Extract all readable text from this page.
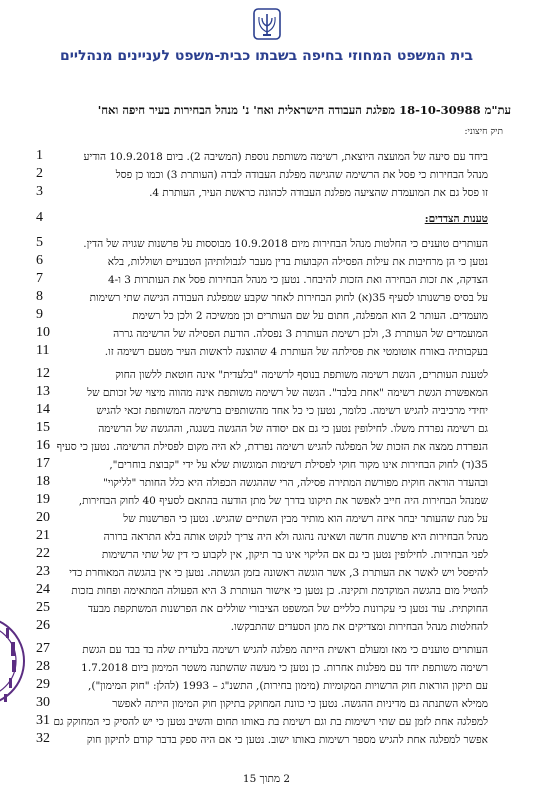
בית המשפט המחוזי בחיפה בשבתו כבית-משפט לעניינים מנהליים
עת"מ 18-10-30988 מפלגת העבודה הישראלית ואח' נ' מנהל הבחירות בעיר חיפה ואח'
תיק חיצוני:
1	ביחד עם סיעה של המועצה היוצאת, רשימה משותפת נוספת (המשיבה 2). ביום 10.9.2018 הודיע
2	מנהל הבחירות כי פסל את הרשימה שהגישה מפלגת העבודה לבדה (העותרת 3) וכמו כן פסל
3	זו פסל גם את המועמדת שהציעה מפלגת העבודה לכהונה כראשת העיר, העותרת 4.
4	טענות הצדדים:
5	העותרים טוענים כי החלטות מנהל הבחירות מיום 10.9.2018 מבוססות על פרשנות שגויה של הדין.
6	נטען כי הן מרחיבות את עילות הפסילה הקבועות בדין מעבר לגבולותיהן הטבעיים ושוללות, בלא
7	הצדקה, את זכות הבחירה ואת הזכות להיבחר. נטען כי מנהל הבחירות פסל את העותרות 3 ו-4
8	על בסיס פרשנותו לסעיף 35(א) לחוק הבחירות לאחר שקבע שמפלגת העבודה הגישה שתי רשימות
9	מועמדים. העותר 2 הוא המפלגה, חתום על שם העותרים וכן ממשיכה 2 ולכן כל רשימת
10	המועמדים של העותרת 3, ולכן רשימת העותרת 3 נפסלה. הודעת הפסילה של הרשימה גררה
11	בעקבותיה באורח אוטומטי את פסילתה של העותרת 4 שהוצגה לראשות העיר מטעם רשימה זו.
12	לטענת העותרים, הגשת רשימה משותפת בנוסף לרשימה "בלעדית" אינה חוטאת ללשון החוק
13	המאפשרת הגשת רשימה "אחת בלבד". הגשה של רשימה משותפת אינה מהווה מיצוי של זכותם של
14	יחידי מרכיביה להגיש רשימה. כלומר, נטען כי כל אחד מהשותפים ברשימה המשותפת זכאי להגיש
15	גם רשימה נפרדת משלו. לחילופין נטען כי גם אם יסודה של ההגשה בשגגה, וההגשה של הרשימה
16 הנפרדת ממצה את הזכות של המפלגה להגיש רשימה נפרדת, לא היה מקום לפסילת הרשימה. נטען כי סעיף
17	35(ד) לחוק הבחירות אינו מקור חוקי לפסילת רשימות המוגשות שלא על ידי "קבוצת בוחרים",
18	ובהעדר הוראה חוקית מפורשת המתירה פסילה, הרי שההגשה הכפולה היא כלל החותר "לליקוי"
19	שמנהל הבחירות היה חייב לאפשר את תיקונו בדרך של מתן הודעה בהתאם לסעיף 40 לחוק הבחירות,
20	על מנת שהעותר יבחר איזה רשימה הוא מותיר מבין השתיים שהגיש. נטען כי הפרשנות של
21	מנהל הבחירות היא פרשנות חדשה ושאינה נהוגה ולא היה צריך לנקוט אותה בלא התראה ברורה
22	לפני הבחירות. לחילופין נטען כי גם אם הליקוי אינו בר תיקון, אין לקבוע כי דין של שתי הרשימות
23	להיפסל ויש לאשר את העותרת 3, אשר הוגשה ראשונה בזמן הגשתה. נטען כי אין בהגשה המאוחרת כדי
24	להטיל מום בהגשה המוקדמת ותקינה. כן נטען כי אישור העותרת 3 היא הפעולה המתאימה ופחות בזכות
25	החוקתית. עוד נטען כי עקרונות כלליים של המשפט הציבורי שוללים את הפרשנות המשתקפת מבעד
26	להחלטות מנהל הבחירות ומצדיקים את מתן הסעדים שהתבקשו.
27	העותרים טוענים כי מאז ומעולם ראשית הייתה מפלגה להגיש רשימה בלעדית שלה בד בבד עם הגשת
28	רשימה משותפת יחד עם מפלגות אחרות. כן נטען כי מעשה שהשתנה משטר המימון ביום 1.7.2018
29	עם תיקון הוראות חוק הרשויות המקומיות (מימון בחירות), התשנ"ג – 1993 (להלן: "חוק המימון"),
30	ממילא השתנתה גם מדיניות ההגשה. נטען כי כוונת המחוקק בתיקון חוק המימון הייתה לאפשר
31 למפלגה אחת לזמן עם שתי רשימות בת וגם רשימת בת באותו תחום והשיב נטען כי יש להסיק כי המחוקק גם
32	אפשר למפלגה אחת להגיש מספר רשימות באותו ישוב. נטען כי אם היה ספק בדבר קודם לתיקון חוק
2 מתוך 15
